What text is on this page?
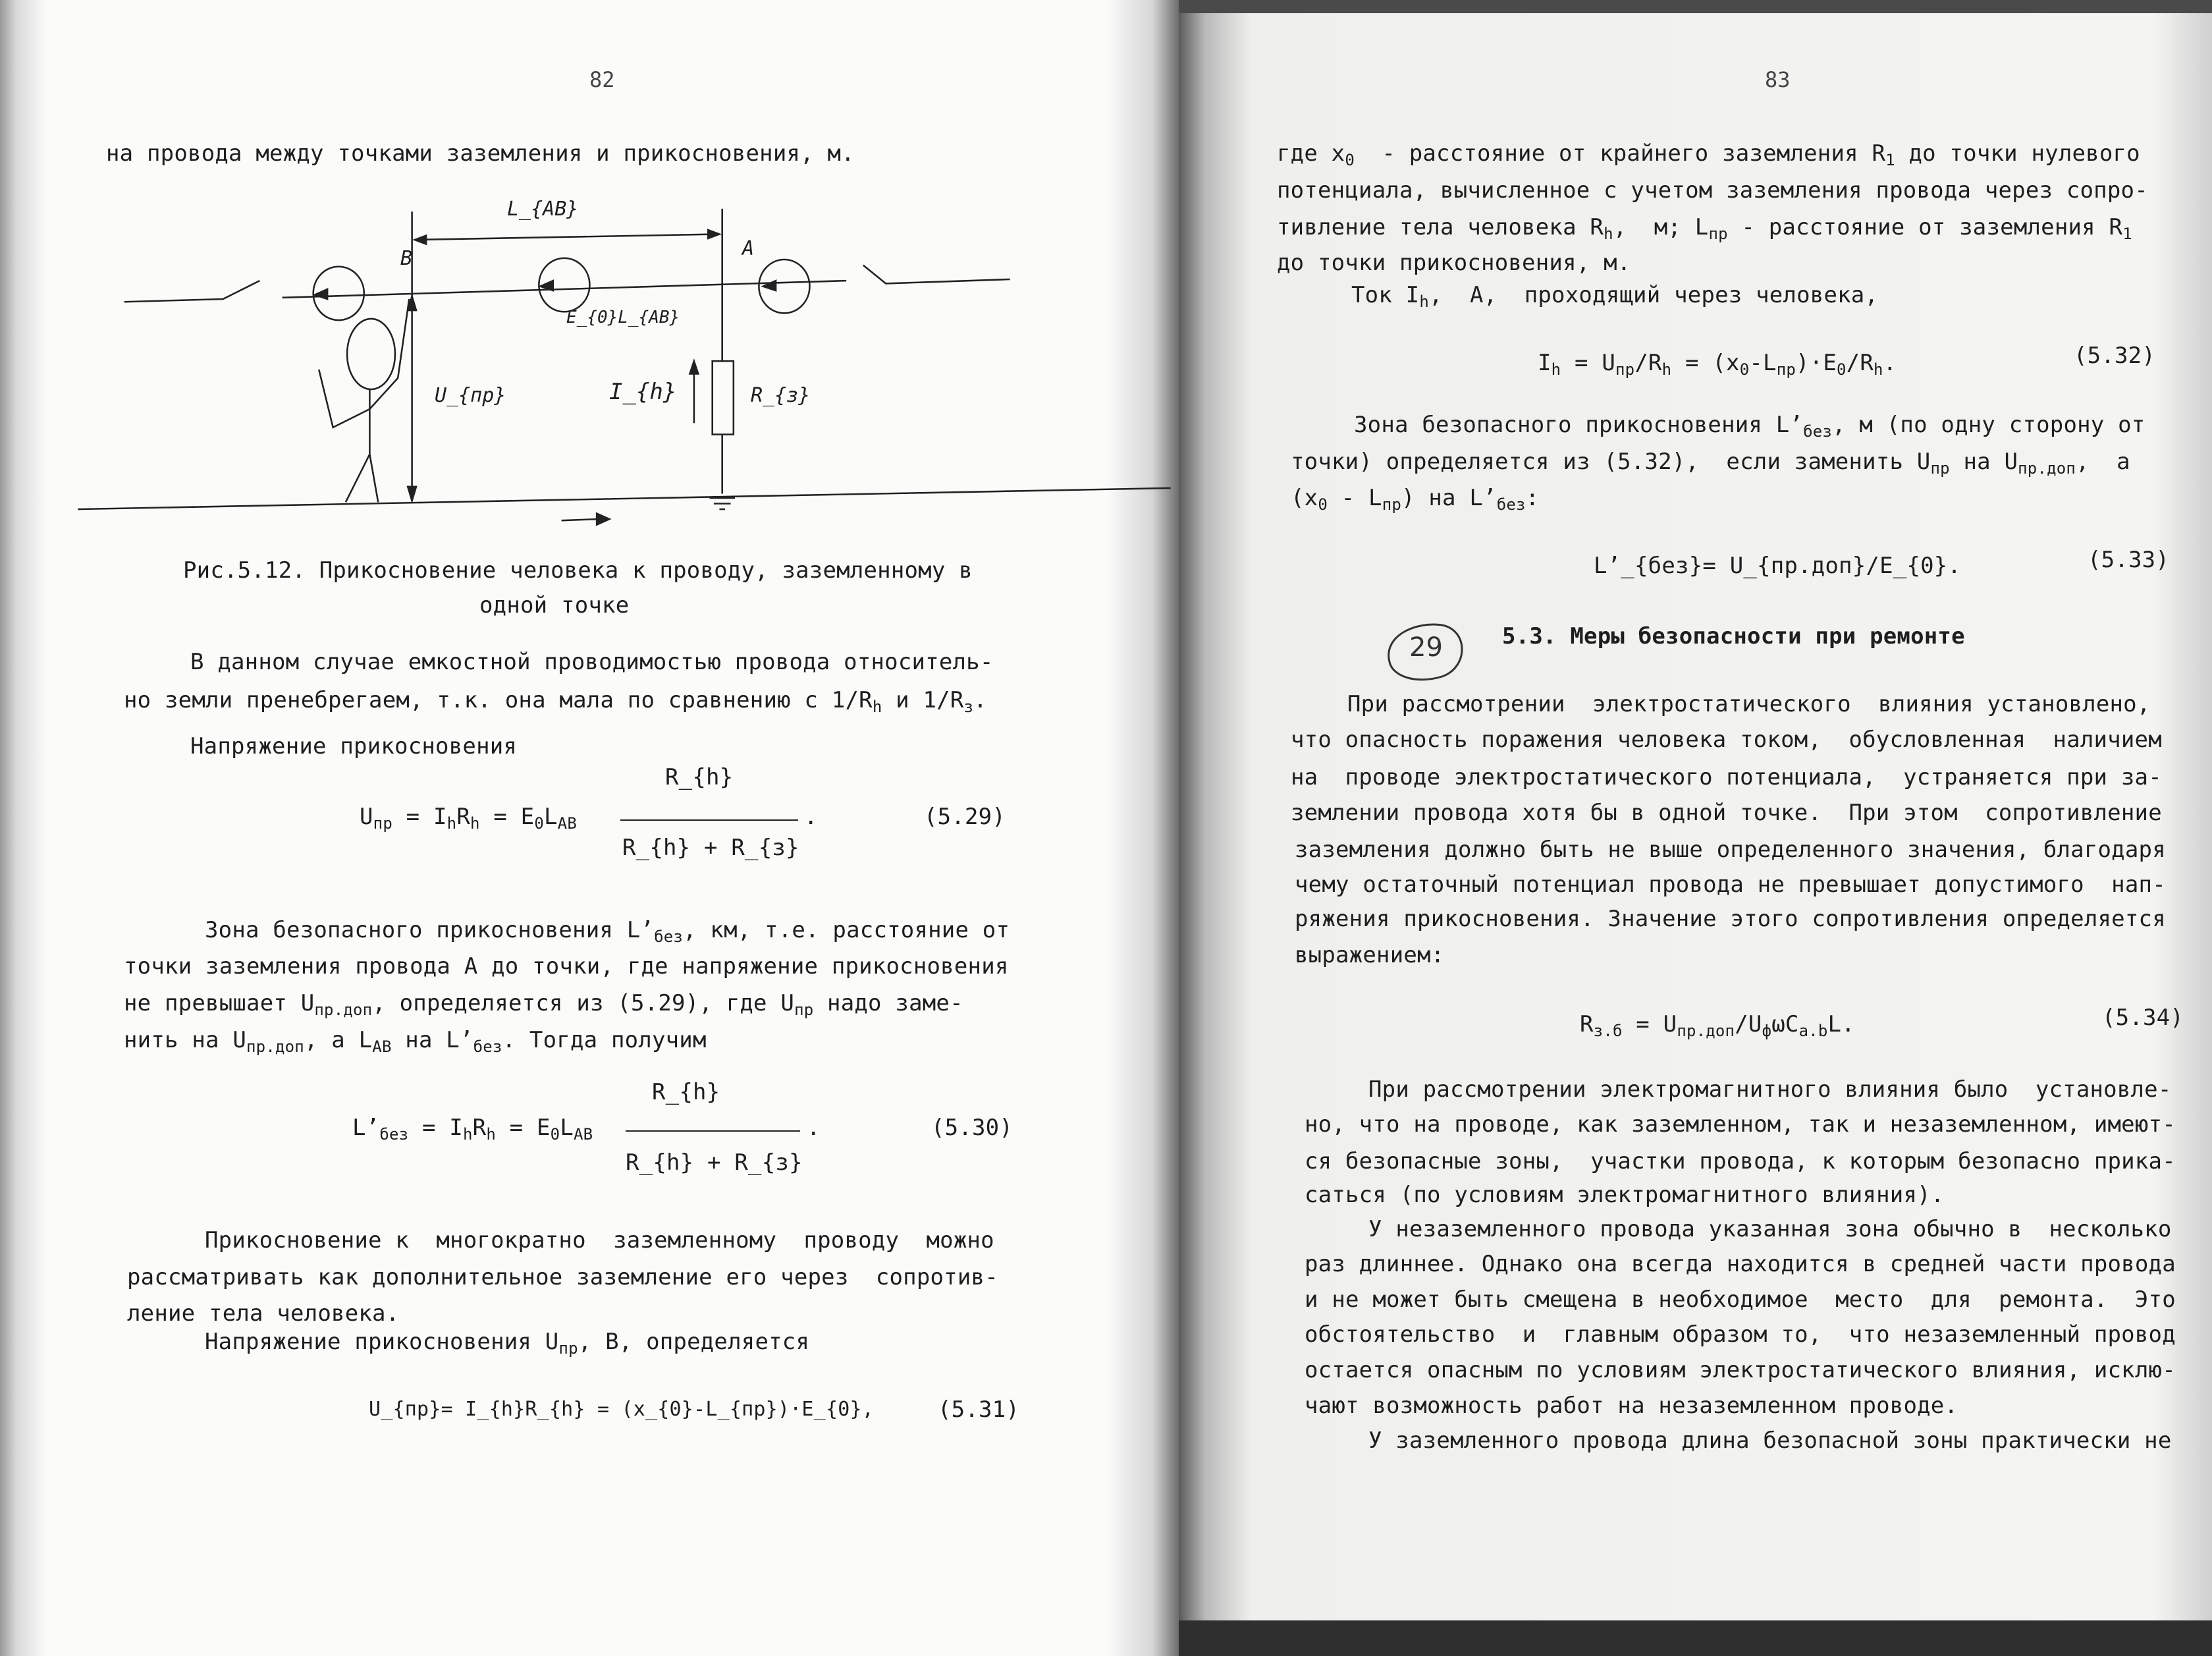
L_{AB}
B	A
E_{0}L_{AB}
U_{пр}	I_{h}	R_{з}
82
на провода между точками заземления и прикосновения, м.
Рис.5.12. Прикосновение человека к проводу, заземленному в
одной точке
В данном случае емкостной проводимостью провода относитель-
но земли пренебрегаем, т.к. она мала по сравнению с $1/R_h$ и $1/R_з$.
Напряжение прикосновения
R_{h}
$U_{пр} = I_hR_h = E_0L_{AB}$	.	(5.29)
R_{h} + R_{з}
Зона безопасного прикосновения $L’_{без}$, км, т.е. расстояние от
точки заземления провода A до точки, где напряжение прикосновения
не превышает $U_{пр.доп}$, определяется из (5.29), где $U_{пр}$ надо заме-
нить на $U_{пр.доп}$, а $L_{AB}$ на $L’_{без}$. Тогда получим
R_{h}
$L’_{без} = I_hR_h = E_0L_{AB}$	.	(5.30)
R_{h} + R_{з}
Прикосновение к  многократно  заземленному  проводу  можно
рассматривать как дополнительное заземление его через  сопротив-
ление тела человека.
Напряжение прикосновения $U_{пр}$, В, определяется
U_{пр}= I_{h}R_{h} = (x_{0}-L_{пр})·E_{0},	(5.31)
83
где $x_0$  - расстояние от крайнего заземления $R_1$ до точки нулевого
потенциала, вычисленное с учетом заземления провода через сопро-
тивление тела человека $R_h$,  м; $L_{пр}$ - расстояние от заземления $R_1$
до точки прикосновения, м.
Ток $I_h$,  А,  проходящий через человека,
$I_h = U_{пр}/R_h = (x_0-L_{пр})\cdot E_0/R_h$.	(5.32)
Зона безопасного прикосновения $L’_{без}$, м (по одну сторону от
точки) определяется из (5.32),  если заменить $U_{пр}$ на $U_{пр.доп}$,  а
$(x_0 - L_{пр})$ на $L’_{без}$:
L’_{без}= U_{пр.доп}/E_{0}.	(5.33)
29	5.3. Меры безопасности при ремонте
При рассмотрении  электростатического  влияния установлено,
что опасность поражения человека током,  обусловленная  наличием
на  проводе электростатического потенциала,  устраняется при за-
землении провода хотя бы в одной точке.  При этом  сопротивление
заземления должно быть не выше определенного значения, благодаря
чему остаточный потенциал провода не превышает допустимого  нап-
ряжения прикосновения. Значение этого сопротивления определяется
выражением:
$R_{з.б} = U_{пр.доп}/U_ф\omega C_{а.b}L$.	(5.34)
При рассмотрении электромагнитного влияния было  установле-
но, что на проводе, как заземленном, так и незаземленном, имеют-
ся безопасные зоны,  участки провода, к которым безопасно прика-
саться (по условиям электромагнитного влияния).
У незаземленного провода указанная зона обычно в  несколько
раз длиннее. Однако она всегда находится в средней части провода
и не может быть смещена в необходимое  место  для  ремонта.  Это
обстоятельство  и  главным образом то,  что незаземленный провод
остается опасным по условиям электростатического влияния, исклю-
чают возможность работ на незаземленном проводе.
У заземленного провода длина безопасной зоны практически не
